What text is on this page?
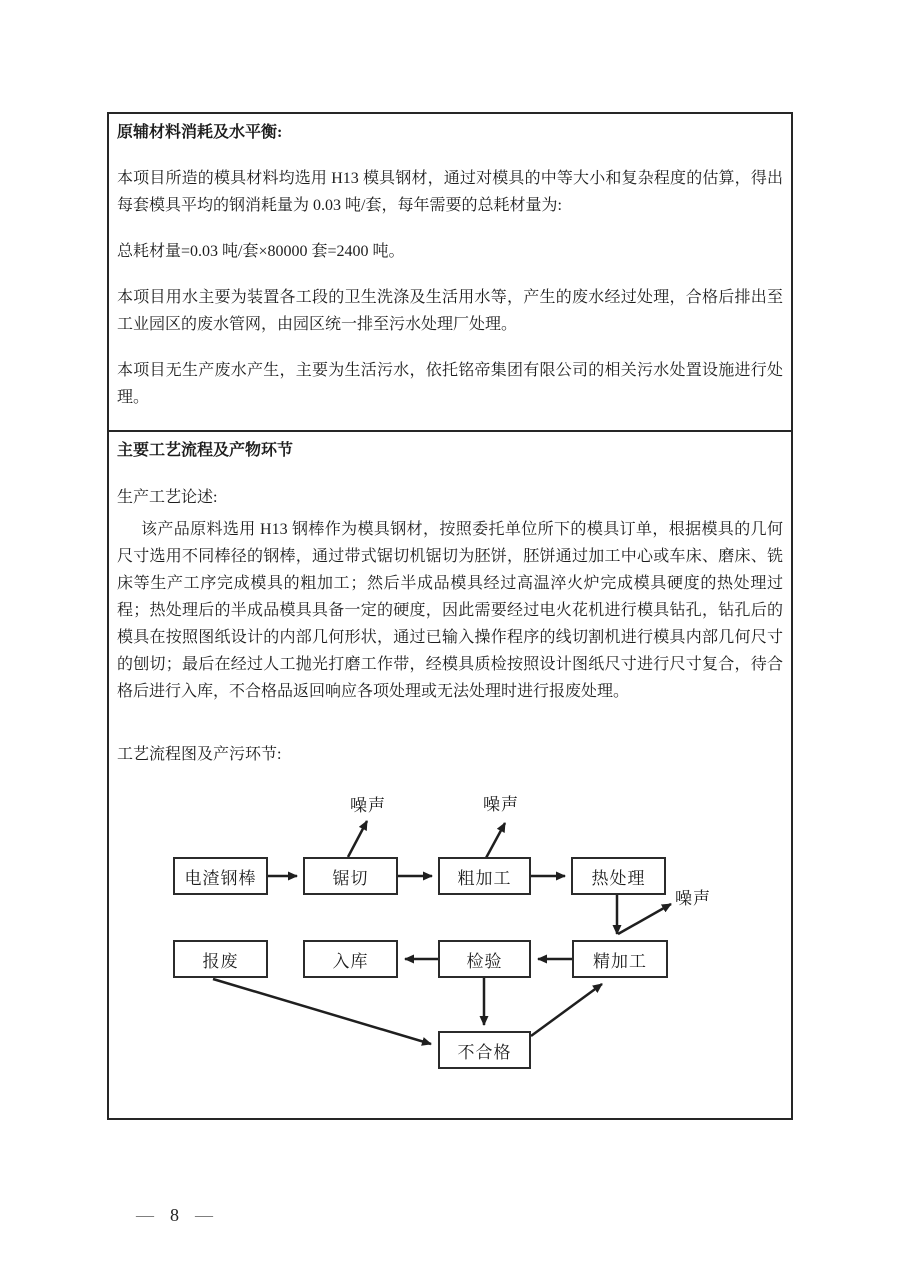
原辅材料消耗及水平衡:

本项目所造的模具材料均选用 H13 模具钢材，通过对模具的中等大小和复杂程度的估算，得出每套模具平均的钢消耗量为 0.03 吨/套，每年需要的总耗材量为:

总耗材量=0.03 吨/套×80000 套=2400 吨。

本项目用水主要为装置各工段的卫生洗涤及生活用水等，产生的废水经过处理，合格后排出至工业园区的废水管网，由园区统一排至污水处理厂处理。

本项目无生产废水产生，主要为生活污水，依托铭帝集团有限公司的相关污水处置设施进行处理。

主要工艺流程及产物环节

生产工艺论述:

该产品原料选用 H13 钢棒作为模具钢材，按照委托单位所下的模具订单，根据模具的几何尺寸选用不同棒径的钢棒，通过带式锯切机锯切为胚饼，胚饼通过加工中心或车床、磨床、铣床等生产工序完成模具的粗加工；然后半成品模具经过高温淬火炉完成模具硬度的热处理过程；热处理后的半成品模具具备一定的硬度，因此需要经过电火花机进行模具钻孔，钻孔后的模具在按照图纸设计的内部几何形状，通过已输入操作程序的线切割机进行模具内部几何尺寸的刨切；最后在经过人工抛光打磨工作带，经模具质检按照设计图纸尺寸进行尺寸复合，待合格后进行入库，不合格品返回响应各项处理或无法处理时进行报废处理。

工艺流程图及产污环节:

电渣钢棒	锯切	粗加工	热处理
报废	入库	检验	精加工
不合格
噪声	噪声
噪声
— 8 —
